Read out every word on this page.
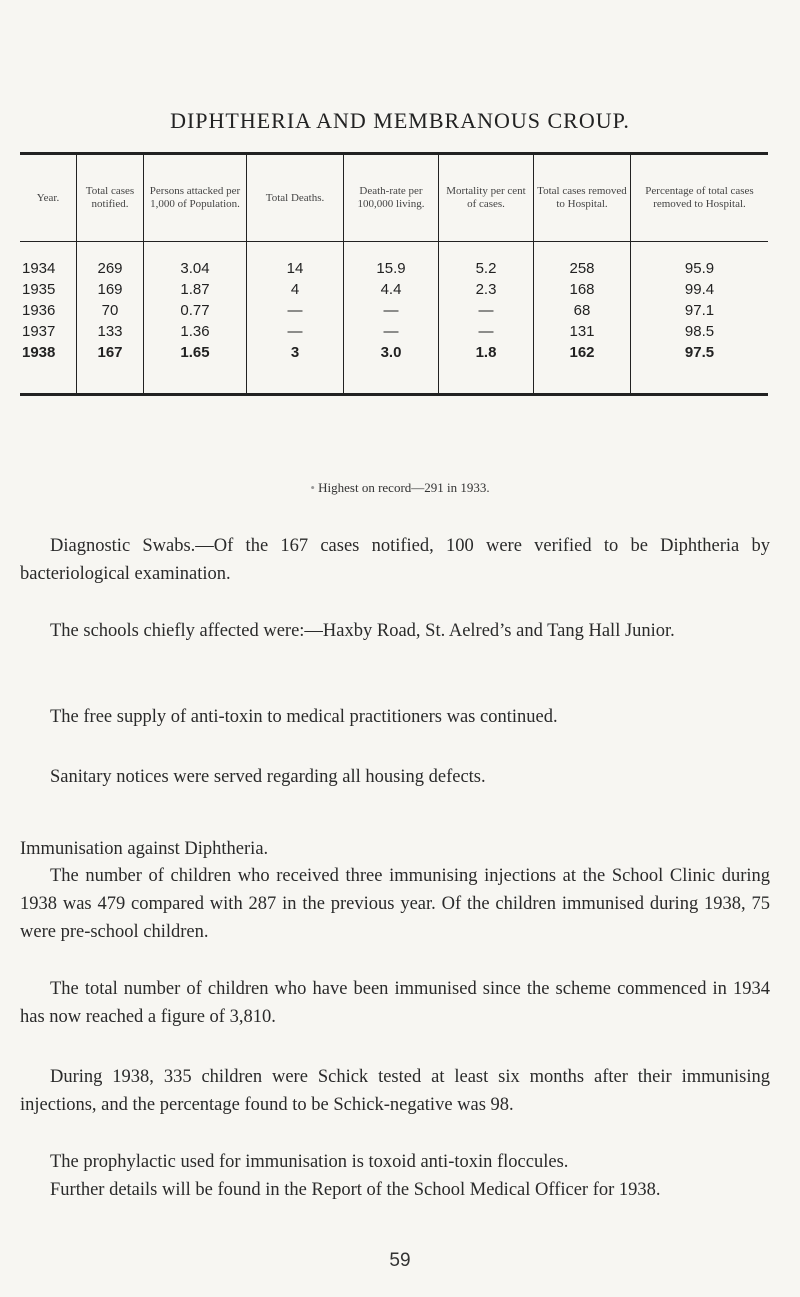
DIPHTHERIA AND MEMBRANOUS CROUP.
Year.	Total cases notified.	Persons attacked per 1,000 of Population.	Total Deaths.	Death-rate per 100,000 living.	Mortality per cent of cases.	Total cases removed to Hospital.	Percentage of total cases removed to Hospital.
1934	269	3.04	14	15.9	5.2	258	95.9
1935	169	1.87	4	4.4	2.3	168	99.4
1936	70	0.77	—	—	—	68	97.1
1937	133	1.36	—	—	—	131	98.5
1938	167	1.65	3	3.0	1.8	162	97.5
• Highest on record—291 in 1933.

Diagnostic Swabs.—Of the 167 cases notified, 100 were verified to be Diphtheria by bacteriological examination.

The schools chiefly affected were:—Haxby Road, St. Aelred’s and Tang Hall Junior.

The free supply of anti-toxin to medical practitioners was continued.

Sanitary notices were served regarding all housing defects.

Immunisation against Diphtheria.

The number of children who received three immunising injections at the School Clinic during 1938 was 479 compared with 287 in the previous year. Of the children immunised during 1938, 75 were pre-school children.

The total number of children who have been immunised since the scheme commenced in 1934 has now reached a figure of 3,810.

During 1938, 335 children were Schick tested at least six months after their immunising injections, and the percentage found to be Schick-negative was 98.

The prophylactic used for immunisation is toxoid anti-toxin floccules.

Further details will be found in the Report of the School Medical Officer for 1938.

59
